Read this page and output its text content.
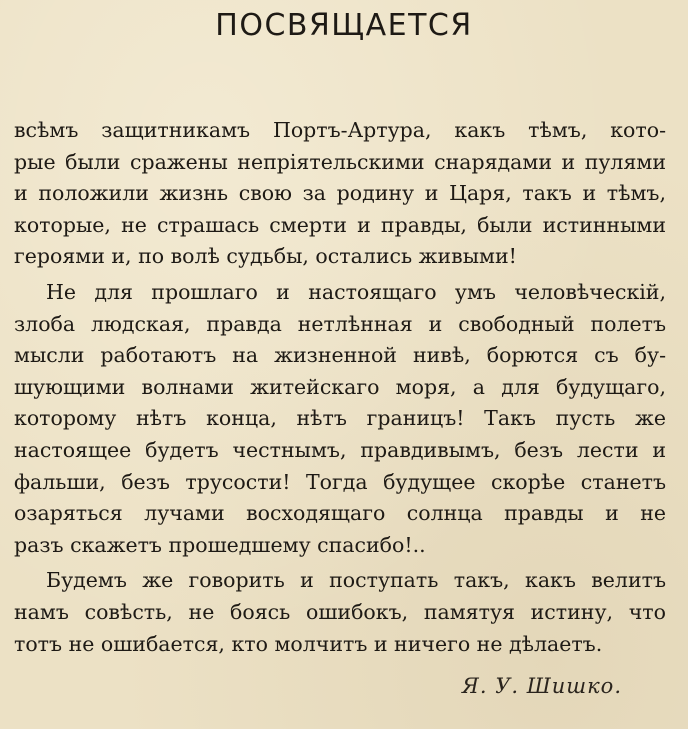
ПОСВЯЩАЕТСЯ
всѣмъ защитникамъ Портъ-Артура, какъ тѣмъ, кото-
рые были сражены непріятельскими снарядами и пулями
и положили жизнь свою за родину и Царя, такъ и тѣмъ,
которые, не страшась смерти и правды, были истинными
героями и, по волѣ судьбы, остались живыми!
Не для прошлаго и настоящаго умъ человѣческій,
злоба людская, правда нетлѣнная и свободный полетъ
мысли работаютъ на жизненной нивѣ, борются съ бу-
шующими волнами житейскаго моря, а для будущаго,
которому нѣтъ конца, нѣтъ границъ! Такъ пусть же
настоящее будетъ честнымъ, правдивымъ, безъ лести и
фальши, безъ трусости! Тогда будущее скорѣе станетъ
озаряться лучами восходящаго солнца правды и не
разъ скажетъ прошедшему спасибо!..
Будемъ же говорить и поступать такъ, какъ велитъ
намъ совѣсть, не боясь ошибокъ, памятуя истину, что
тотъ не ошибается, кто молчитъ и ничего не дѣлаетъ.
Я. У. Шишко.
